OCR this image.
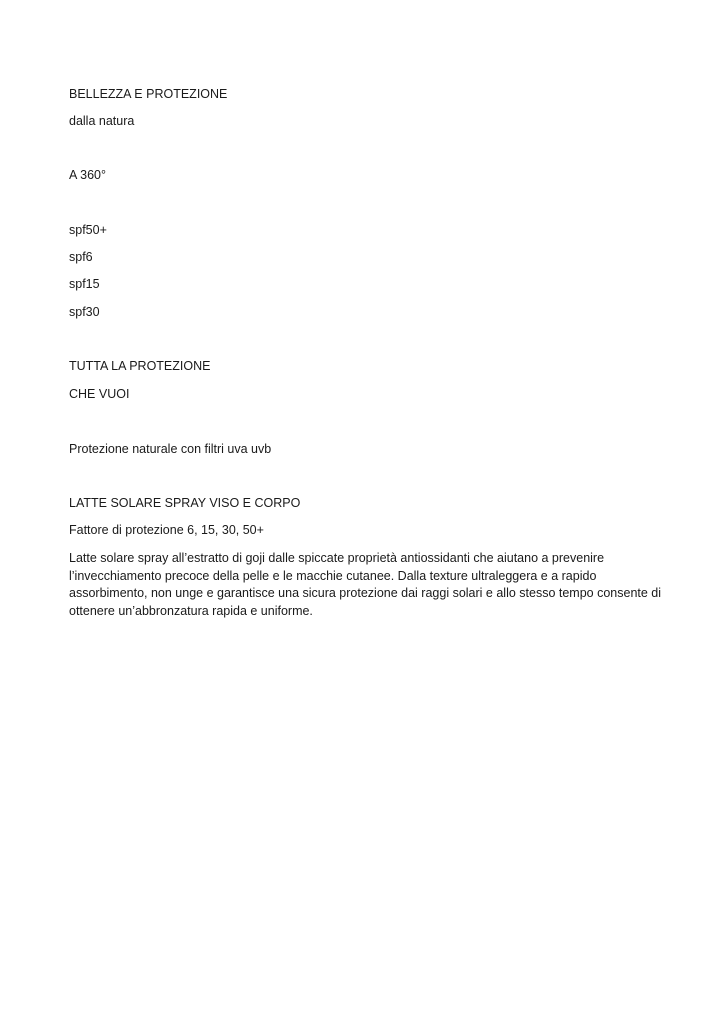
BELLEZZA E PROTEZIONE

dalla natura

A 360°

spf50+

spf6

spf15

spf30

TUTTA LA PROTEZIONE

CHE VUOI

Protezione naturale con filtri uva uvb

LATTE SOLARE SPRAY VISO E CORPO

Fattore di protezione 6, 15, 30, 50+

Latte solare spray all’estratto di goji dalle spiccate proprietà antiossidanti che aiutano a prevenire
l’invecchiamento precoce della pelle e le macchie cutanee. Dalla texture ultraleggera e a rapido
assorbimento, non unge e garantisce una sicura protezione dai raggi solari e allo stesso tempo consente di
ottenere un’abbronzatura rapida e uniforme.
